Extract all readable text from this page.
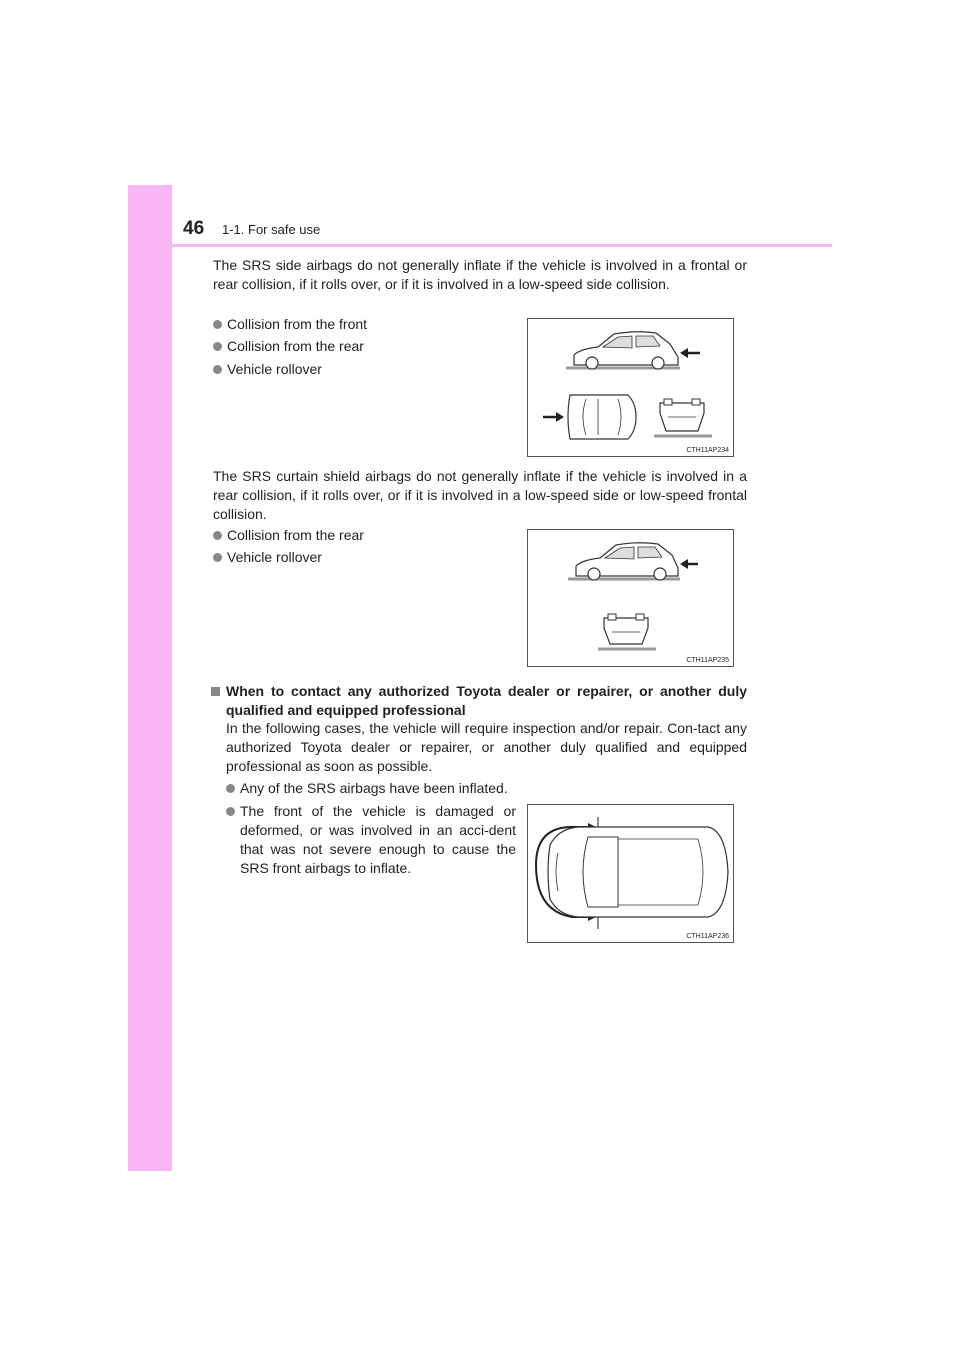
46 1-1. For safe use

The SRS side airbags do not generally inflate if the vehicle is involved in a frontal or rear collision, if it rolls over, or if it is involved in a low-speed side collision.

Collision from the front
Collision from the rear
Vehicle rollover
CTH11AP234

The SRS curtain shield airbags do not generally inflate if the vehicle is involved in a rear collision, if it rolls over, or if it is involved in a low-speed side or low-speed frontal collision.

Collision from the rear
Vehicle rollover
CTH11AP235
When to contact any authorized Toyota dealer or repairer, or another duly qualified and equipped professional

In the following cases, the vehicle will require inspection and/or repair. Con-tact any authorized Toyota dealer or repairer, or another duly qualified and equipped professional as soon as possible.

Any of the SRS airbags have been inflated.
The front of the vehicle is damaged or deformed, or was involved in an acci-dent that was not severe enough to cause the SRS front airbags to inflate.
CTH11AP236
